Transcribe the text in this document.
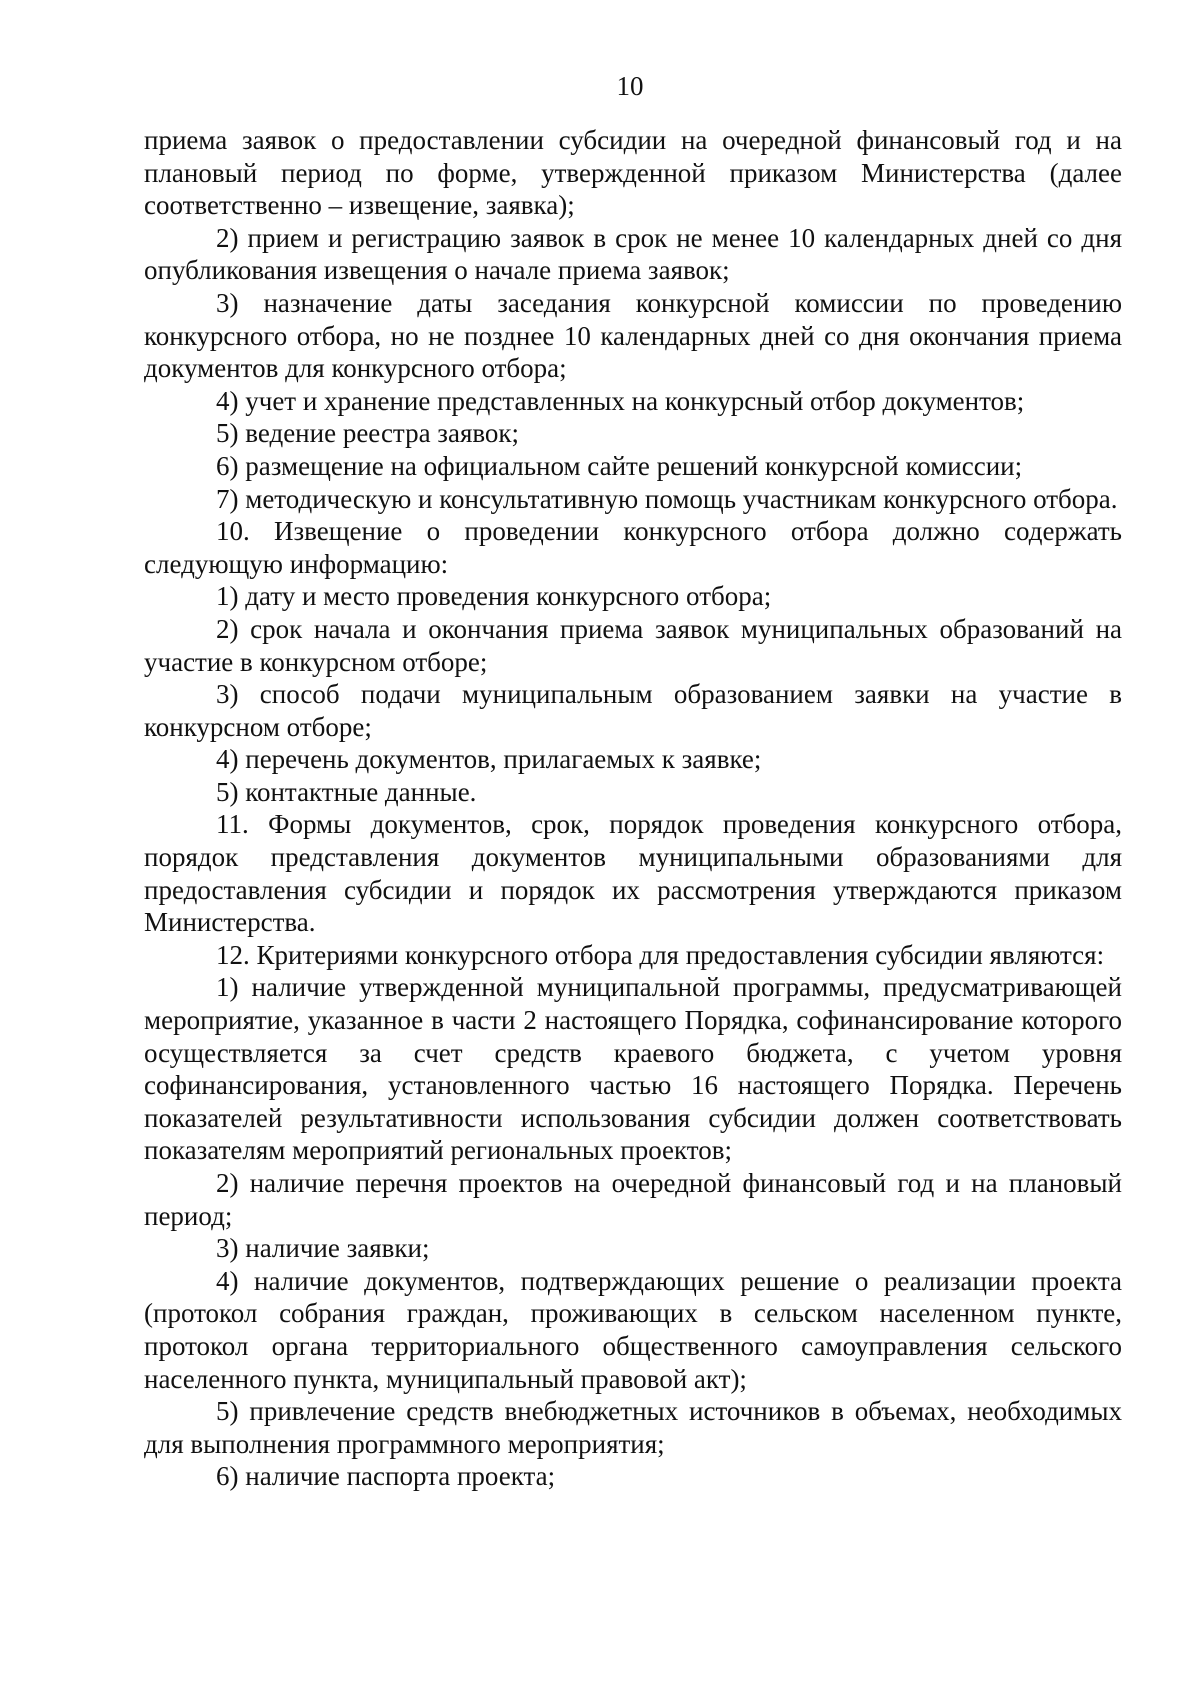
10

приема заявок о предоставлении субсидии на очередной финансовый год и на плановый период по форме, утвержденной приказом Министерства (далее соответственно – извещение, заявка);

2) прием и регистрацию заявок в срок не менее 10 календарных дней со дня опубликования извещения о начале приема заявок;

3) назначение даты заседания конкурсной комиссии по проведению конкурсного отбора, но не позднее 10 календарных дней со дня окончания приема документов для конкурсного отбора;

4) учет и хранение представленных на конкурсный отбор документов;

5) ведение реестра заявок;

6) размещение на официальном сайте решений конкурсной комиссии;

7) методическую и консультативную помощь участникам конкурсного отбора.

10. Извещение о проведении конкурсного отбора должно содержать следующую информацию:

1) дату и место проведения конкурсного отбора;

2) срок начала и окончания приема заявок муниципальных образований на участие в конкурсном отборе;

3) способ подачи муниципальным образованием заявки на участие в конкурсном отборе;

4) перечень документов, прилагаемых к заявке;

5) контактные данные.

11. Формы документов, срок, порядок проведения конкурсного отбора, порядок представления документов муниципальными образованиями для предоставления субсидии и порядок их рассмотрения утверждаются приказом Министерства.

12. Критериями конкурсного отбора для предоставления субсидии являются:

1) наличие утвержденной муниципальной программы, предусматривающей мероприятие, указанное в части 2 настоящего Порядка, софинансирование которого осуществляется за счет средств краевого бюджета, с учетом уровня софинансирования, установленного частью 16 настоящего Порядка. Перечень показателей результативности использования субсидии должен соответствовать показателям мероприятий региональных проектов;

2) наличие перечня проектов на очередной финансовый год и на плановый период;

3) наличие заявки;

4) наличие документов, подтверждающих решение о реализации проекта (протокол собрания граждан, проживающих в сельском населенном пункте, протокол органа территориального общественного самоуправления сельского населенного пункта, муниципальный правовой акт);

5) привлечение средств внебюджетных источников в объемах, необходимых для выполнения программного мероприятия;

6) наличие паспорта проекта;
